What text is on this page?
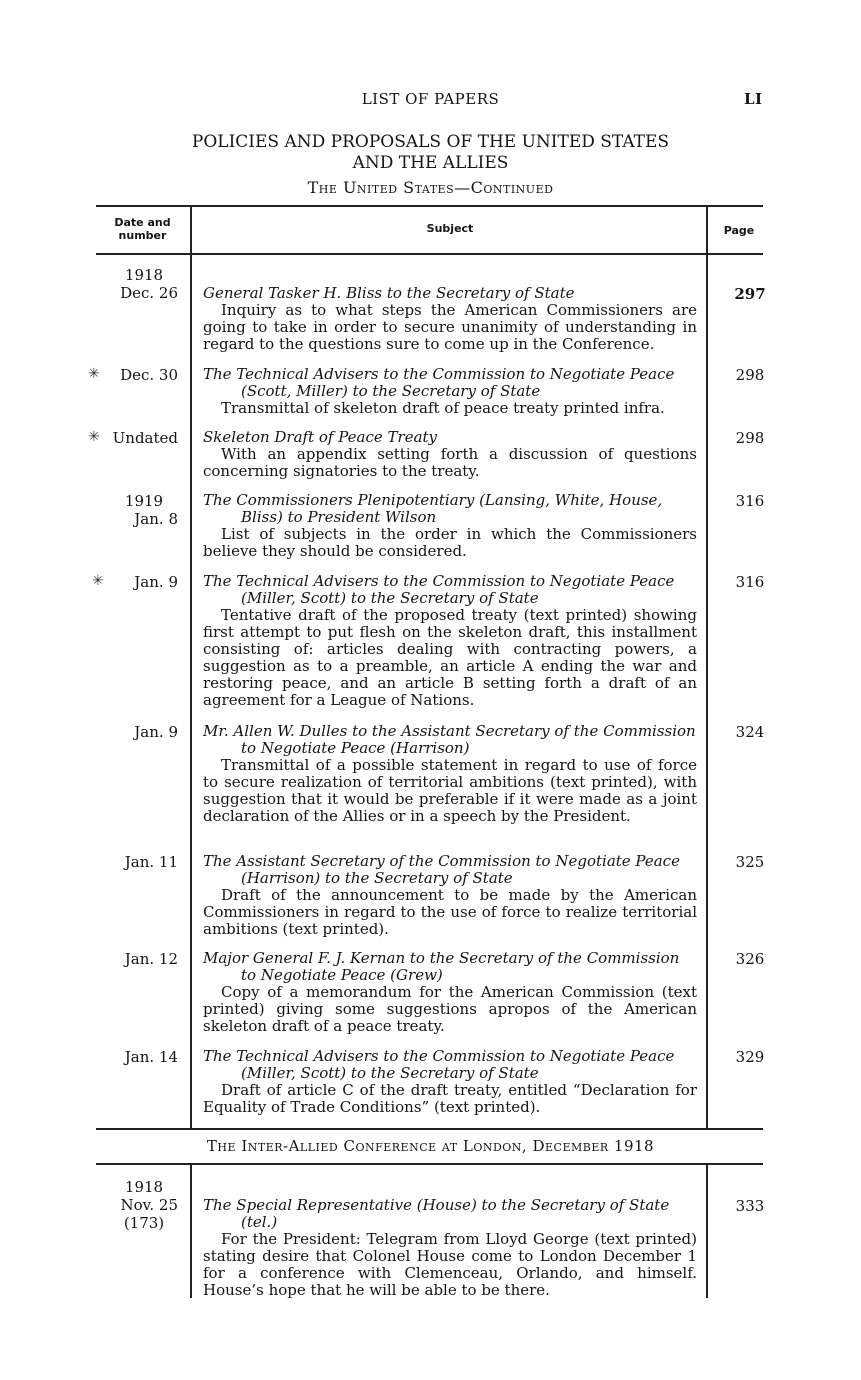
LIST OF PAPERS	LI
POLICIES AND PROPOSALS OF THE UNITED STATES
AND THE ALLIES
The United States—Continued
Date and
number
Subject	Page
1918
Dec. 26 General Tasker H. Bliss to the Secretary of State
Inquiry as to what steps the American Commissioners are going to take in order to secure unanimity of understanding in regard to the questions sure to come up in the Conference.
297
✳	Dec. 30 The Technical Advisers to the Commission to Negotiate Peace (Scott, Miller) to the Secretary of State
Transmittal of skeleton draft of peace treaty printed infra.
298
✳ Undated Skeleton Draft of Peace Treaty
With an appendix setting forth a discussion of questions concerning signatories to the treaty.
298
1919
Jan. 8
The Commissioners Plenipotentiary (Lansing, White, House, Bliss) to President Wilson
List of subjects in the order in which the Commissioners believe they should be considered.
316
✳	Jan. 9 The Technical Advisers to the Commission to Negotiate Peace (Miller, Scott) to the Secretary of State
Tentative draft of the proposed treaty (text printed) showing first attempt to put flesh on the skeleton draft, this installment consisting of: articles dealing with contracting powers, a suggestion as to a preamble, an article A ending the war and restoring peace, and an article B setting forth a draft of an agreement for a League of Nations.
316
Jan. 9 Mr. Allen W. Dulles to the Assistant Secretary of the Commission to Negotiate Peace (Harrison)
Transmittal of a possible statement in regard to use of force to secure realization of territorial ambitions (text printed), with suggestion that it would be preferable if it were made as a joint declaration of the Allies or in a speech by the President.
324
Jan. 11 The Assistant Secretary of the Commission to Negotiate Peace (Harrison) to the Secretary of State
Draft of the announcement to be made by the American Commissioners in regard to the use of force to realize territorial ambitions (text printed).
325
Jan. 12 Major General F. J. Kernan to the Secretary of the Commission to Negotiate Peace (Grew)
Copy of a memorandum for the American Commission (text printed) giving some suggestions apropos of the American skeleton draft of a peace treaty.
326
Jan. 14 The Technical Advisers to the Commission to Negotiate Peace (Miller, Scott) to the Secretary of State
Draft of article C of the draft treaty, entitled “Declaration for Equality of Trade Conditions” (text printed).
329
The Inter-Allied Conference at London, December 1918
1918
Nov. 25
(173)
The Special Representative (House) to the Secretary of State (tel.)
For the President: Telegram from Lloyd George (text printed) stating desire that Colonel House come to London December 1 for a conference with Clemenceau, Orlando, and himself. House’s hope that he will be able to be there.
333
